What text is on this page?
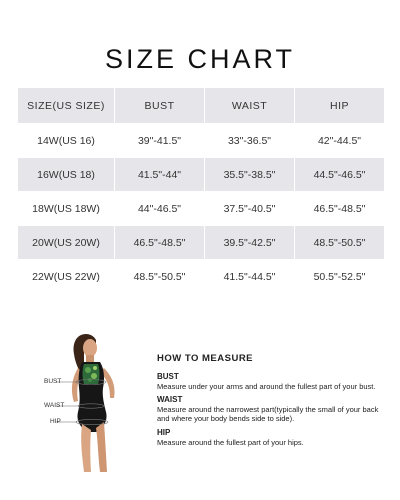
SIZE CHART
SIZE(US SIZE)	BUST	WAIST	HIP
14W(US 16)	39"-41.5"	33"-36.5"	42"-44.5"
16W(US 18)	41.5"-44"	35.5"-38.5"	44.5"-46.5"
18W(US 18W)	44"-46.5"	37.5"-40.5"	46.5"-48.5"
20W(US 20W)	46.5"-48.5"	39.5"-42.5"	48.5"-50.5"
22W(US 22W)	48.5"-50.5"	41.5"-44.5"	50.5"-52.5"
BUST
WAIST
HIP
HOW TO MEASURE
BUST
Measure under your arms and around the fullest part of your bust.
WAIST
Measure around the narrowest part(typically the small of your back and where your body bends side to side).
HIP
Measure around the fullest part of your hips.
